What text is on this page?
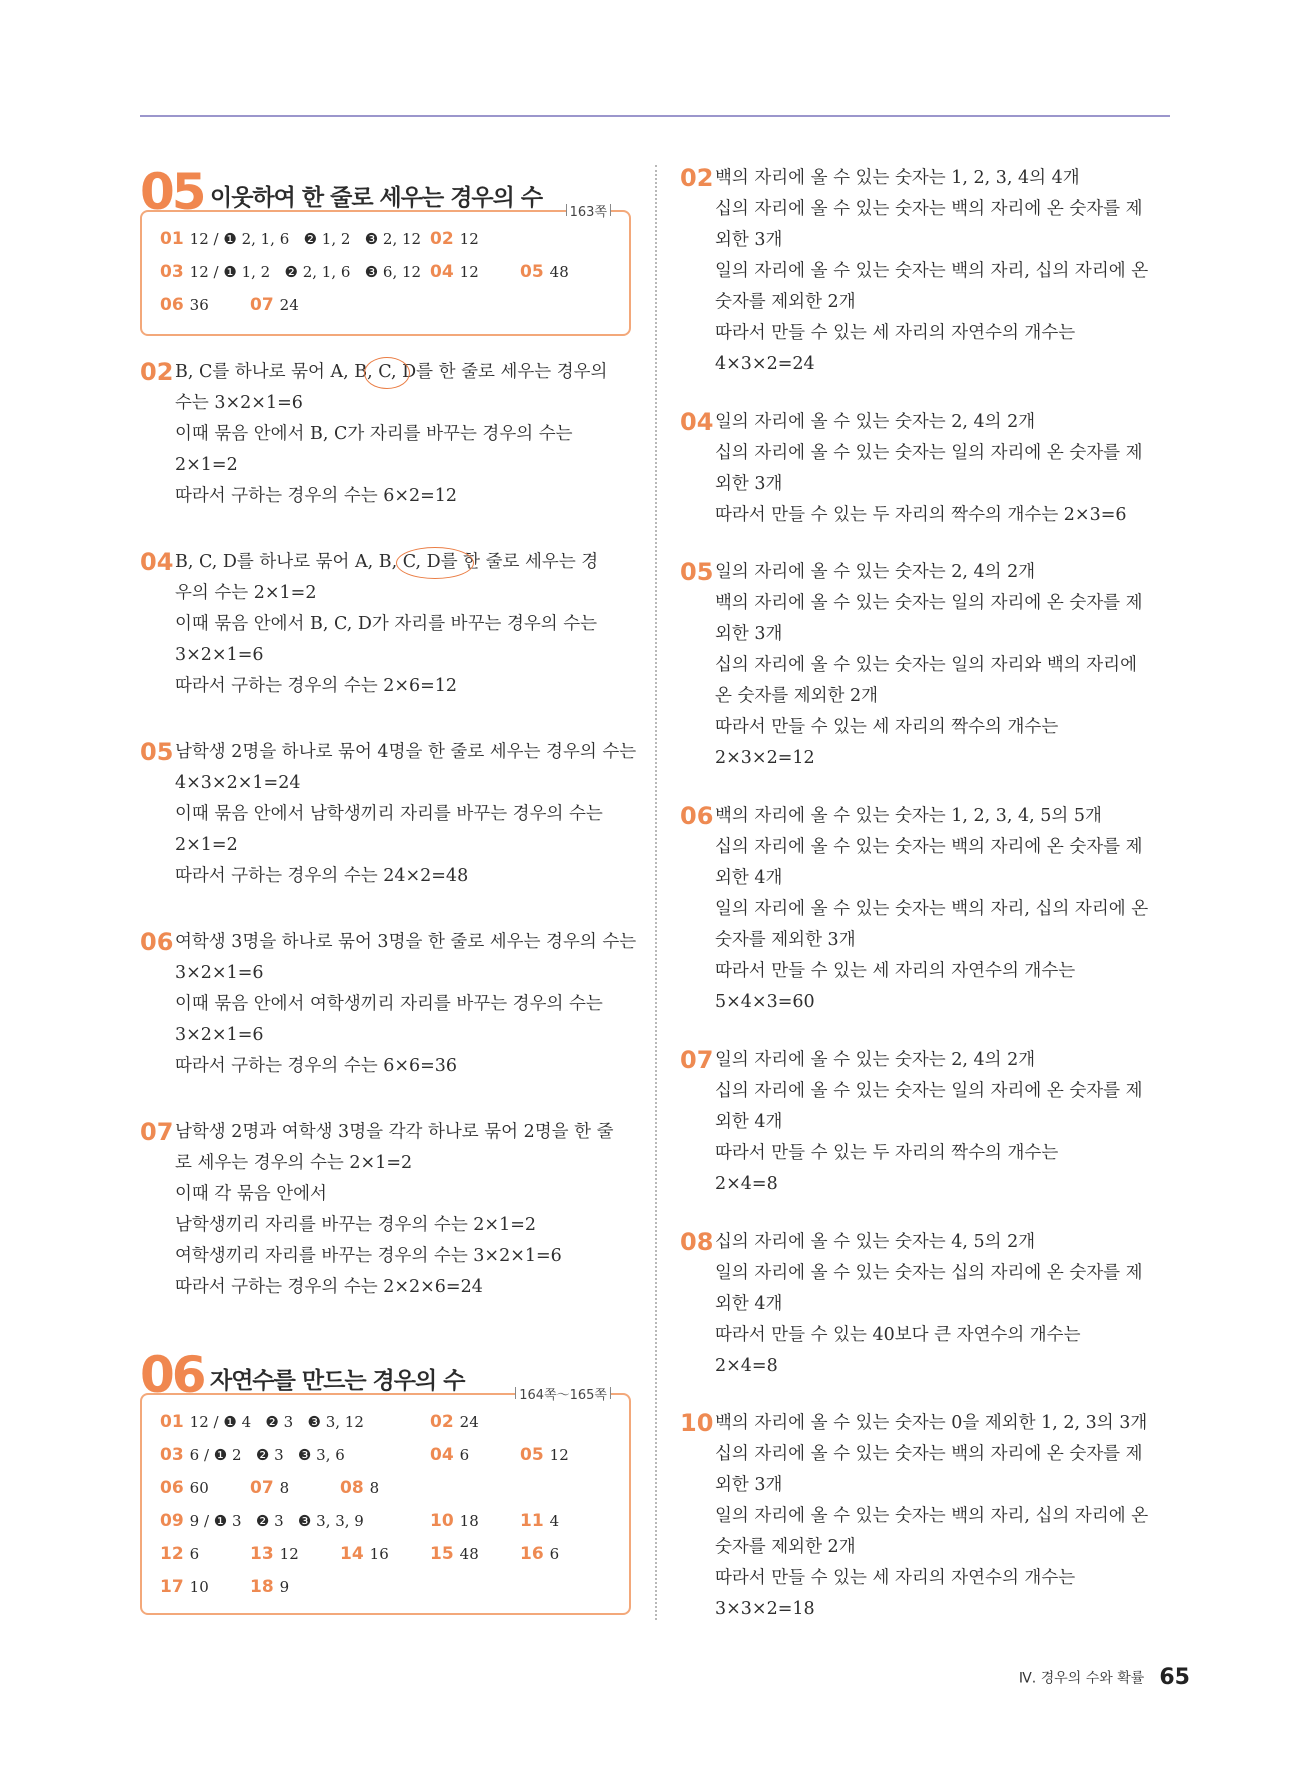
05 이웃하여 한 줄로 세우는 경우의 수
163쪽
01 12 / ❶ 2, 1, 6   ❷ 1, 2   ❸ 2, 12 02 12
03 12 / ❶ 1, 2   ❷ 2, 1, 6   ❸ 6, 12 04 12 05 48
06 36 07 24
06 자연수를 만드는 경우의 수
164쪽～165쪽
01 12 / ❶ 4   ❷ 3   ❸ 3, 12	02 24
03 6 / ❶ 2   ❷ 3   ❸ 3, 6	04 6	05 12
06 60 07 8	08 8
09 9 / ❶ 3   ❷ 3   ❸ 3, 3, 9	10 18 11 4
12 6	13 12 14 16 15 48 16 6
17 10 18 9
02 B, C를 하나로 묶어 A, B, C, D를 한 줄로 세우는 경우의
수는 3×2×1=6
이때 묶음 안에서 B, C가 자리를 바꾸는 경우의 수는
2×1=2
따라서 구하는 경우의 수는 6×2=12
04 B, C, D를 하나로 묶어 A, B, C, D를 한 줄로 세우는 경
우의 수는 2×1=2
이때 묶음 안에서 B, C, D가 자리를 바꾸는 경우의 수는
3×2×1=6
따라서 구하는 경우의 수는 2×6=12
05 남학생 2명을 하나로 묶어 4명을 한 줄로 세우는 경우의 수는
4×3×2×1=24
이때 묶음 안에서 남학생끼리 자리를 바꾸는 경우의 수는
2×1=2
따라서 구하는 경우의 수는 24×2=48
06 여학생 3명을 하나로 묶어 3명을 한 줄로 세우는 경우의 수는
3×2×1=6
이때 묶음 안에서 여학생끼리 자리를 바꾸는 경우의 수는
3×2×1=6
따라서 구하는 경우의 수는 6×6=36
07 남학생 2명과 여학생 3명을 각각 하나로 묶어 2명을 한 줄
로 세우는 경우의 수는 2×1=2
이때 각 묶음 안에서
남학생끼리 자리를 바꾸는 경우의 수는 2×1=2
여학생끼리 자리를 바꾸는 경우의 수는 3×2×1=6
따라서 구하는 경우의 수는 2×2×6=24
02 백의 자리에 올 수 있는 숫자는 1, 2, 3, 4의 4개
십의 자리에 올 수 있는 숫자는 백의 자리에 온 숫자를 제
외한 3개
일의 자리에 올 수 있는 숫자는 백의 자리, 십의 자리에 온
숫자를 제외한 2개
따라서 만들 수 있는 세 자리의 자연수의 개수는
4×3×2=24
04 일의 자리에 올 수 있는 숫자는 2, 4의 2개
십의 자리에 올 수 있는 숫자는 일의 자리에 온 숫자를 제
외한 3개
따라서 만들 수 있는 두 자리의 짝수의 개수는 2×3=6
05 일의 자리에 올 수 있는 숫자는 2, 4의 2개
백의 자리에 올 수 있는 숫자는 일의 자리에 온 숫자를 제
외한 3개
십의 자리에 올 수 있는 숫자는 일의 자리와 백의 자리에
온 숫자를 제외한 2개
따라서 만들 수 있는 세 자리의 짝수의 개수는
2×3×2=12
06 백의 자리에 올 수 있는 숫자는 1, 2, 3, 4, 5의 5개
십의 자리에 올 수 있는 숫자는 백의 자리에 온 숫자를 제
외한 4개
일의 자리에 올 수 있는 숫자는 백의 자리, 십의 자리에 온
숫자를 제외한 3개
따라서 만들 수 있는 세 자리의 자연수의 개수는
5×4×3=60
07 일의 자리에 올 수 있는 숫자는 2, 4의 2개
십의 자리에 올 수 있는 숫자는 일의 자리에 온 숫자를 제
외한 4개
따라서 만들 수 있는 두 자리의 짝수의 개수는
2×4=8
08 십의 자리에 올 수 있는 숫자는 4, 5의 2개
일의 자리에 올 수 있는 숫자는 십의 자리에 온 숫자를 제
외한 4개
따라서 만들 수 있는 40보다 큰 자연수의 개수는
2×4=8
10 백의 자리에 올 수 있는 숫자는 0을 제외한 1, 2, 3의 3개
십의 자리에 올 수 있는 숫자는 백의 자리에 온 숫자를 제
외한 3개
일의 자리에 올 수 있는 숫자는 백의 자리, 십의 자리에 온
숫자를 제외한 2개
따라서 만들 수 있는 세 자리의 자연수의 개수는
3×3×2=18
Ⅳ. 경우의 수와 확률 65
